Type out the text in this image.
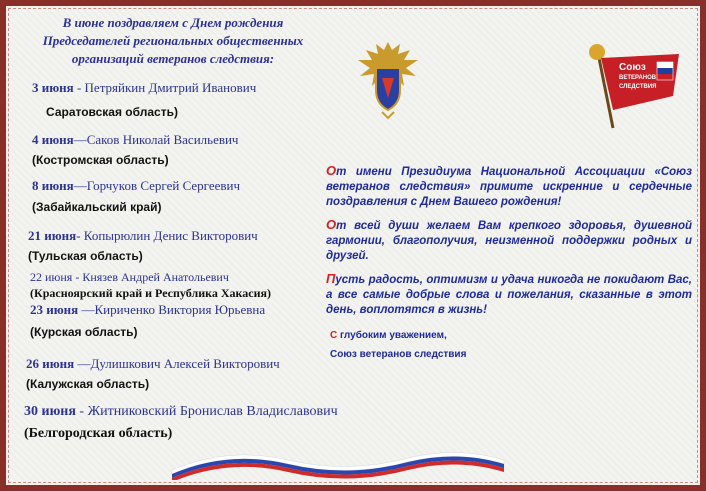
В июне поздравляем с Днем рождения
Председателей региональных общественных
организаций ветеранов следствия:
3 июня - Петряйкин Дмитрий Иванович
Саратовская область)
4 июня—Саков Николай Васильевич
(Костромская область)
8 июня—Горчуков Сергей Сергеевич
(Забайкальский край)
21 июня- Копырюлин Денис Викторович
(Тульская область)
22 июня - Князев Андрей Анатольевич
(Красноярский край и Республика Хакасия)
23 июня —Кириченко Виктория Юрьевна
(Курская область)
26 июня —Дулишкович Алексей Викторович
(Калужская область)
30 июня - Житниковский Бронислав Владиславович
(Белгородская область)
Союз
ВЕТЕРАНОВ
СЛЕДСТВИЯ

От имени Президиума Национальной Ассоциации «Союз ветеранов следствия» примите искренние и сердечные поздравления с Днем Вашего рождения!

От всей души желаем Вам крепкого здоровья, душевной гармонии, благополучия, неизменной поддержки родных и друзей.

Пусть радость, оптимизм и удача никогда не покидают Вас, а все самые добрые слова и пожелания, сказанные в этот день, воплотятся в жизнь!

С глубоким уважением,
Союз ветеранов следствия
